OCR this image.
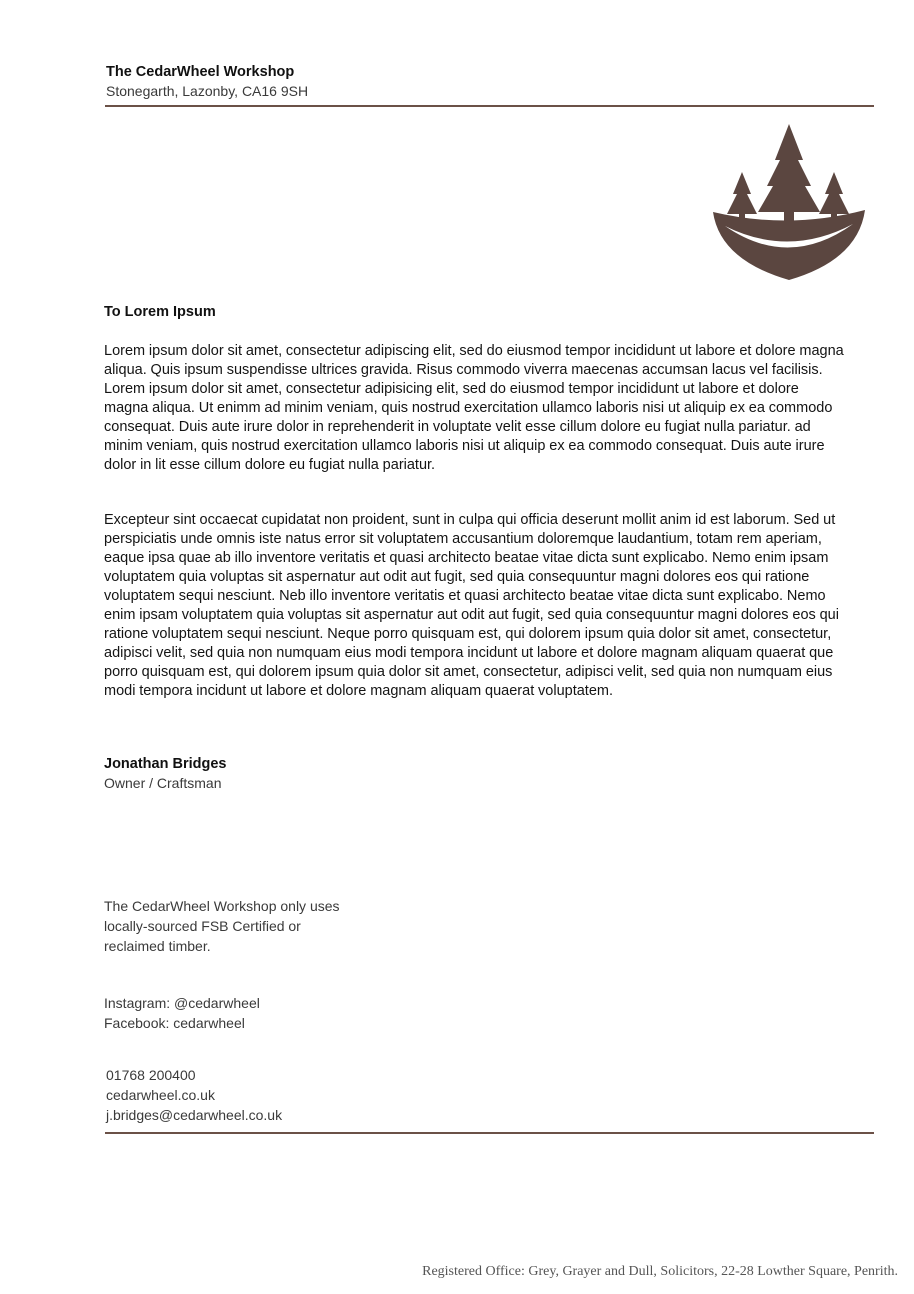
The CedarWheel Workshop
Stonegarth, Lazonby, CA16 9SH
To Lorem Ipsum

Lorem ipsum dolor sit amet, consectetur adipiscing elit, sed do eiusmod tempor incididunt ut labore et dolore magna aliqua. Quis ipsum suspendisse ultrices gravida. Risus commodo viverra maecenas accumsan lacus vel facilisis. Lorem ipsum dolor sit amet, consectetur adipisicing elit, sed do eiusmod tempor incididunt ut labore et dolore magna aliqua. Ut enimm ad minim veniam, quis nostrud exercitation ullamco laboris nisi ut aliquip ex ea commodo consequat. Duis aute irure dolor in reprehenderit in voluptate velit esse cillum dolore eu fugiat nulla pariatur. ad minim veniam, quis nostrud exercitation ullamco laboris nisi ut aliquip ex ea commodo consequat. Duis aute irure dolor in lit esse cillum dolore eu fugiat nulla pariatur.

Excepteur sint occaecat cupidatat non proident, sunt in culpa qui officia deserunt mollit anim id est laborum. Sed ut perspiciatis unde omnis iste natus error sit voluptatem accusantium doloremque laudantium, totam rem aperiam, eaque ipsa quae ab illo inventore veritatis et quasi architecto beatae vitae dicta sunt explicabo. Nemo enim ipsam voluptatem quia voluptas sit aspernatur aut odit aut fugit, sed quia consequuntur magni dolores eos qui ratione voluptatem sequi nesciunt. Neb illo inventore veritatis et quasi architecto beatae vitae dicta sunt explicabo. Nemo enim ipsam voluptatem quia voluptas sit aspernatur aut odit aut fugit, sed quia consequuntur magni dolores eos qui ratione voluptatem sequi nesciunt. Neque porro quisquam est, qui dolorem ipsum quia dolor sit amet, consectetur, adipisci velit, sed quia non numquam eius modi tempora incidunt ut labore et dolore magnam aliquam quaerat que porro quisquam est, qui dolorem ipsum quia dolor sit amet, consectetur, adipisci velit, sed quia non numquam eius modi tempora incidunt ut labore et dolore magnam aliquam quaerat voluptatem.

Jonathan Bridges
Owner / Craftsman
The CedarWheel Workshop only uses
locally-sourced FSB Certified or
reclaimed timber.
Instagram: @cedarwheel
Facebook: cedarwheel
01768 200400
cedarwheel.co.uk
j.bridges@cedarwheel.co.uk
Registered Office: Grey, Grayer and Dull, Solicitors, 22-28 Lowther Square, Penrith.
